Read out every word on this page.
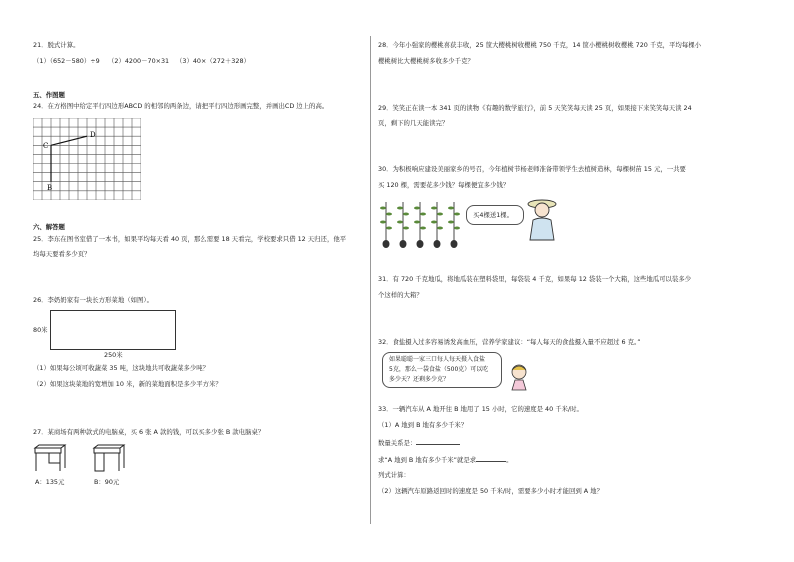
21．脱式计算。
（1）（652－580）÷9 （2）4200－70×31 （3）40×（272＋328）
五、作图题
24．在方格图中给定平行四边形ABCD 的相邻的两条边，请把平行四边形画完整，并画出CD 边上的高。
C
D
B
六、解答题
25．李东在图书室借了一本书，如果平均每天看 40 页，那么需要 18 天看完，学校要求只借 12 天归还，他平
均每天要看多少页？
26．李奶奶家有一块长方形菜地（如图）。
80米
250米
（1）如果每公顷可收蔬菜 35 吨，这块地共可收蔬菜多少吨？
（2）如果这块菜地的宽增加 10 米，新的菜地面积是多少平方米？
27．某商场有两种款式的电脑桌，买 6 张 A 款的钱，可以买多少张 B 款电脑桌？
A：135元	B：90元
28．今年小强家的樱桃喜获丰收，25 筐大樱桃树收樱桃 750 千克，14 筐小樱桃树收樱桃 720 千克，平均每棵小
樱桃树比大樱桃树多收多少千克？
29．笑笑正在读一本 341 页的读物《有趣的数学旅行》，前 5 天笑笑每天读 25 页，如果接下来笑笑每天读 24
页，剩下的几天能读完？
30．为积极响应建设美丽家乡的号召，今年植树节杨老师准备带领学生去植树造林，每棵树苗 15 元，一共要
买 120 棵，需要花多少钱？每棵便宜多少钱？
买4棵送1棵。
31．有 720 千克地瓜，将地瓜装在塑料袋里，每袋装 4 千克，如果每 12 袋装一个大箱，这些地瓜可以装多少
个这样的大箱？
32．食盐摄入过多容易诱发高血压，营养学家建议：“每人每天的食盐摄入量不应超过 6 克。”
如果聪聪一家三口每人每天摄入食盐
5克，那么一袋食盐（500克）可以吃
多少天？还剩多少克？
33．一辆汽车从 A 地开往 B 地用了 15 小时，它的速度是 40 千米/时。
（1）A 地到 B 地有多少千米？
数量关系是：
求“A 地到 B 地有多少千米”就是求	。
列式计算：
（2）这辆汽车原路返回时的速度是 50 千米/时，需要多少小时才能回到 A 地？
